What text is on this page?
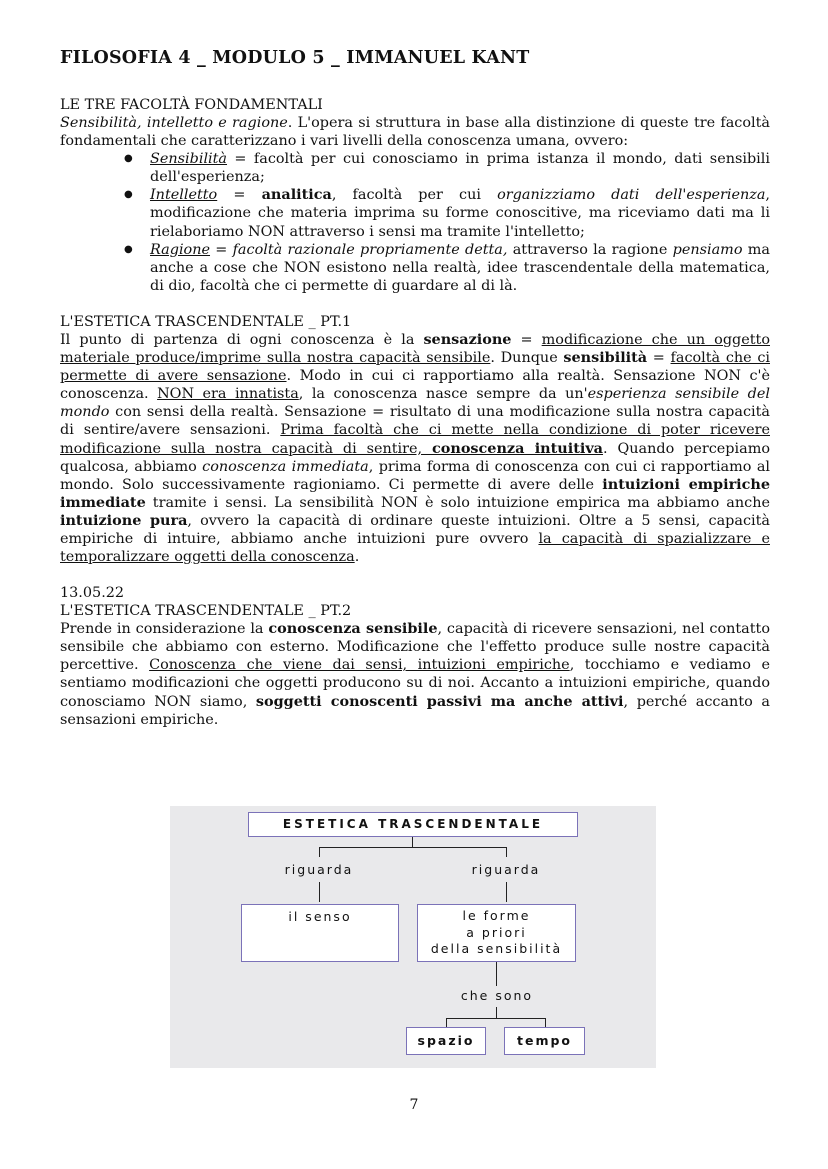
FILOSOFIA 4 _ MODULO 5 _ IMMANUEL KANT
LE TRE FACOLTÀ FONDAMENTALI

Sensibilità, intelletto e ragione. L'opera si struttura in base alla distinzione di queste tre facoltà fondamentali che caratterizzano i vari livelli della conoscenza umana, ovvero:

● Sensibilità = facoltà per cui conosciamo in prima istanza il mondo, dati sensibili dell'esperienza;
● Intelletto = analitica, facoltà per cui organizziamo dati dell'esperienza, modificazione che materia imprima su forme conoscitive, ma riceviamo dati ma li rielaboriamo NON attraverso i sensi ma tramite l'intelletto;
● Ragione = facoltà razionale propriamente detta, attraverso la ragione pensiamo ma anche a cose che NON esistono nella realtà, idee trascendentale della matematica, di dio, facoltà che ci permette di guardare al di là.
L'ESTETICA TRASCENDENTALE _ PT.1

Il punto di partenza di ogni conoscenza è la sensazione = modificazione che un oggetto materiale produce/imprime sulla nostra capacità sensibile. Dunque sensibilità = facoltà che ci permette di avere sensazione. Modo in cui ci rapportiamo alla realtà. Sensazione NON c'è conoscenza. NON era innatista, la conoscenza nasce sempre da un'esperienza sensibile del mondo con sensi della realtà. Sensazione = risultato di una modificazione sulla nostra capacità di sentire/avere sensazioni. Prima facoltà che ci mette nella condizione di poter ricevere modificazione sulla nostra capacità di sentire, conoscenza intuitiva. Quando percepiamo qualcosa, abbiamo conoscenza immediata, prima forma di conoscenza con cui ci rapportiamo al mondo. Solo successivamente ragioniamo. Ci permette di avere delle intuizioni empiriche immediate tramite i sensi. La sensibilità NON è solo intuizione empirica ma abbiamo anche intuizione pura, ovvero la capacità di ordinare queste intuizioni. Oltre a 5 sensi, capacità empiriche di intuire, abbiamo anche intuizioni pure ovvero la capacità di spazializzare e temporalizzare oggetti della conoscenza.

13.05.22
L'ESTETICA TRASCENDENTALE _ PT.2

Prende in considerazione la conoscenza sensibile, capacità di ricevere sensazioni, nel contatto sensibile che abbiamo con esterno. Modificazione che l'effetto produce sulle nostre capacità percettive. Conoscenza che viene dai sensi, intuizioni empiriche, tocchiamo e vediamo e sentiamo modificazioni che oggetti producono su di noi. Accanto a intuizioni empiriche, quando conosciamo NON siamo, soggetti conoscenti passivi ma anche attivi, perché accanto a sensazioni empiriche.

ESTETICA TRASCENDENTALE
riguarda	riguarda
il senso	le forme
a priori
della sensibilità
che sono
spazio	tempo
7
